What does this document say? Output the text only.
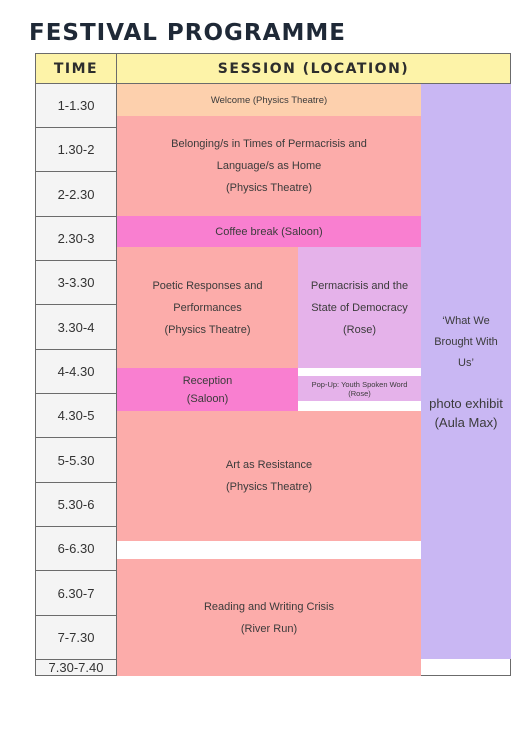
FESTIVAL PROGRAMME
TIME	SESSION (LOCATION)
1-1.30
1.30-2
2-2.30
2.30-3
3-3.30
3.30-4
4-4.30
4.30-5
5-5.30
5.30-6
6-6.30
6.30-7
7-7.30
7.30-7.40
Welcome (Physics Theatre)
Belonging/s in Times of Permacrisis and
Language/s as Home
(Physics Theatre)
Coffee break (Saloon)
Poetic Responses and
Performances
(Physics Theatre)
Permacrisis and the
State of Democracy
(Rose)
Reception
(Saloon)
Pop-Up: Youth Spoken Word
(Rose)
Art as Resistance
(Physics Theatre)
Reading and Writing Crisis
(River Run)
‘What We
Brought With
Us’
photo exhibit
(Aula Max)
